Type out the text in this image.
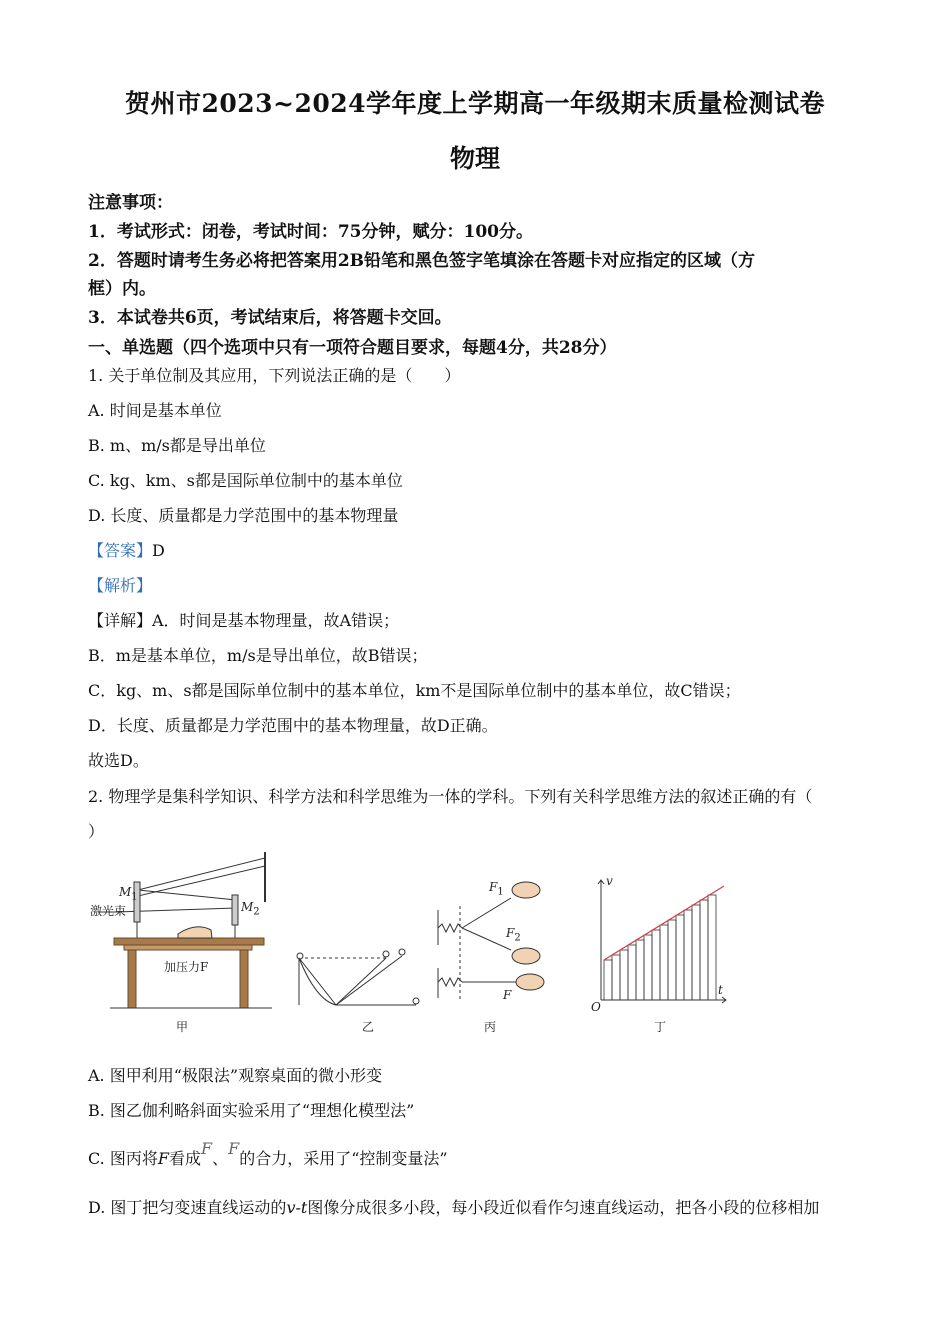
贺州市2023~2024学年度上学期高一年级期末质量检测试卷
物理
注意事项：
1．考试形式：闭卷，考试时间：75分钟，赋分：100分。
2．答题时请考生务必将把答案用2B铅笔和黑色签字笔填涂在答题卡对应指定的区域（方
框）内。
3．本试卷共6页，考试结束后，将答题卡交回。
一、单选题（四个选项中只有一项符合题目要求，每题4分，共28分）
1. 关于单位制及其应用，下列说法正确的是（　　）
A. 时间是基本单位
B. m、m/s都是导出单位
C. kg、km、s都是国际单位制中的基本单位
D. 长度、质量都是力学范围中的基本物理量
【答案】D
【解析】
【详解】A．时间是基本物理量，故A错误；
B．m是基本单位，m/s是导出单位，故B错误；
C．kg、m、s都是国际单位制中的基本单位，km不是国际单位制中的基本单位，故C错误；
D．长度、质量都是力学范围中的基本物理量，故D正确。
故选D。
2. 物理学是集科学知识、科学方法和科学思维为一体的学科。下列有关科学思维方法的叙述正确的有（
）
$M_1$
$M_2$
激光束
加压力F
$F_1$
$F_2$
F
v
t
O
甲	乙	丙	丁
A. 图甲利用“极限法”观察桌面的微小形变
B. 图乙伽利略斜面实验采用了“理想化模型法”
C. 图丙将F看成F、F的合力，采用了“控制变量法”
D. 图丁把匀变速直线运动的v-t图像分成很多小段，每小段近似看作匀速直线运动，把各小段的位移相加
